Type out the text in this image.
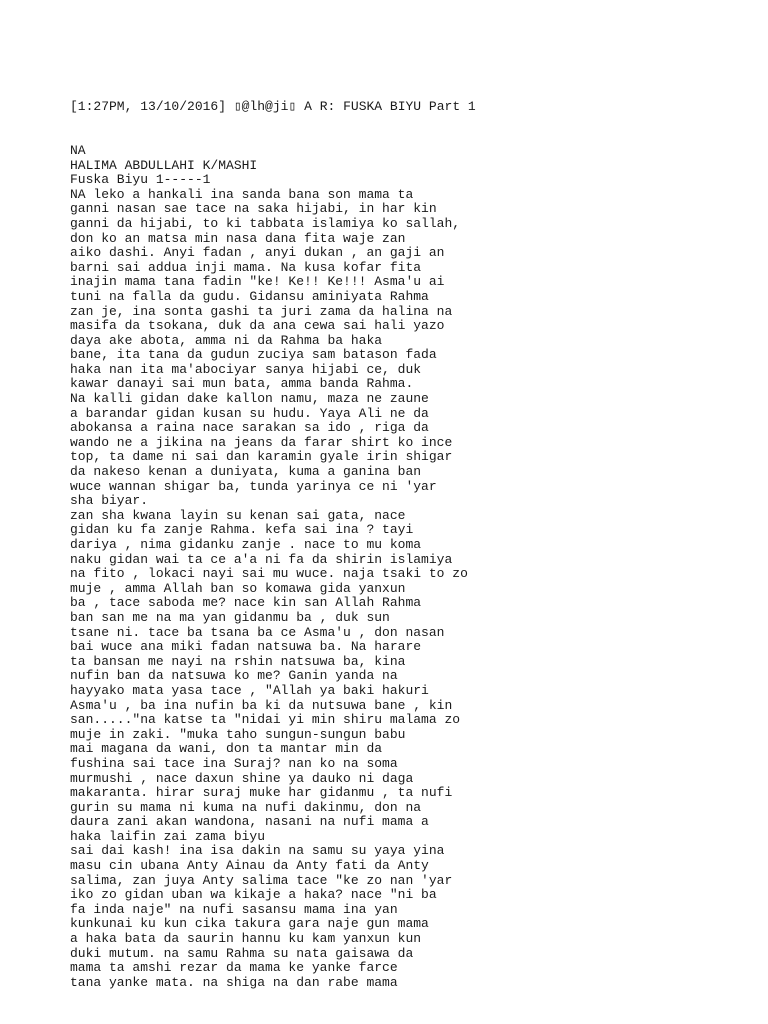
[1:27PM, 13/10/2016] ▯@lh@ji▯ A R: FUSKA BIYU Part 1

NA
HALIMA ABDULLAHI K/MASHI
Fuska Biyu 1-----1
NA leko a hankali ina sanda bana son mama ta
ganni nasan sae tace na saka hijabi, in har kin
ganni da hijabi, to ki tabbata islamiya ko sallah,
don ko an matsa min nasa dana fita waje zan
aiko dashi. Anyi fadan , anyi dukan , an gaji an
barni sai addua inji mama. Na kusa kofar fita
inajin mama tana fadin "ke! Ke!! Ke!!! Asma'u ai
tuni na falla da gudu. Gidansu aminiyata Rahma
zan je, ina sonta gashi ta juri zama da halina na
masifa da tsokana, duk da ana cewa sai hali yazo
daya ake abota, amma ni da Rahma ba haka
bane, ita tana da gudun zuciya sam batason fada
haka nan ita ma'abociyar sanya hijabi ce, duk
kawar danayi sai mun bata, amma banda Rahma.
Na kalli gidan dake kallon namu, maza ne zaune
a barandar gidan kusan su hudu. Yaya Ali ne da
abokansa a raina nace sarakan sa ido , riga da
wando ne a jikina na jeans da farar shirt ko ince
top, ta dame ni sai dan karamin gyale irin shigar
da nakeso kenan a duniyata, kuma a ganina ban
wuce wannan shigar ba, tunda yarinya ce ni 'yar
sha biyar.
zan sha kwana layin su kenan sai gata, nace
gidan ku fa zanje Rahma. kefa sai ina ? tayi
dariya , nima gidanku zanje . nace to mu koma
naku gidan wai ta ce a'a ni fa da shirin islamiya
na fito , lokaci nayi sai mu wuce. naja tsaki to zo
muje , amma Allah ban so komawa gida yanxun
ba , tace saboda me? nace kin san Allah Rahma
ban san me na ma yan gidanmu ba , duk sun
tsane ni. tace ba tsana ba ce Asma'u , don nasan
bai wuce ana miki fadan natsuwa ba. Na harare
ta bansan me nayi na rshin natsuwa ba, kina
nufin ban da natsuwa ko me? Ganin yanda na
hayyako mata yasa tace , "Allah ya baki hakuri
Asma'u , ba ina nufin ba ki da nutsuwa bane , kin
san....."na katse ta "nidai yi min shiru malama zo
muje in zaki. "muka taho sungun-sungun babu
mai magana da wani, don ta mantar min da
fushina sai tace ina Suraj? nan ko na soma
murmushi , nace daxun shine ya dauko ni daga
makaranta. hirar suraj muke har gidanmu , ta nufi
gurin su mama ni kuma na nufi dakinmu, don na
daura zani akan wandona, nasani na nufi mama a
haka laifin zai zama biyu
sai dai kash! ina isa dakin na samu su yaya yina
masu cin ubana Anty Ainau da Anty fati da Anty
salima, zan juya Anty salima tace "ke zo nan 'yar
iko zo gidan uban wa kikaje a haka? nace "ni ba
fa inda naje" na nufi sasansu mama ina yan
kunkunai ku kun cika takura gara naje gun mama
a haka bata da saurin hannu ku kam yanxun kun
duki mutum. na samu Rahma su nata gaisawa da
mama ta amshi rezar da mama ke yanke farce
tana yanke mata. na shiga na dan rabe mama
